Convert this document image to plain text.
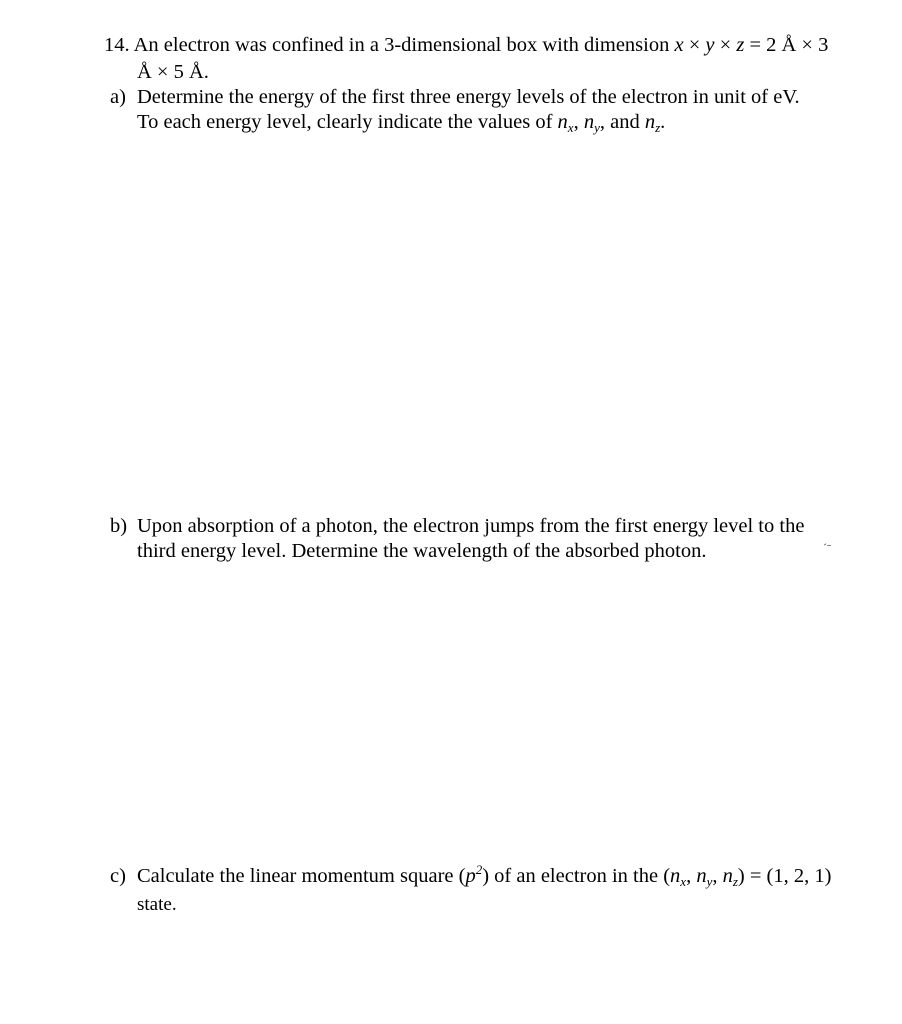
14. An electron was confined in a 3-dimensional box with dimension x × y × z = 2 Å × 3
Å × 5 Å.
a) Determine the energy of the first three energy levels of the electron in unit of eV.
To each energy level, clearly indicate the values of $n_x$, $n_y$, and $n_z$.
b) Upon absorption of a photon, the electron jumps from the first energy level to the
third energy level. Determine the wavelength of the absorbed photon.	ˊˉ
c) Calculate the linear momentum square $(p^2)$ of an electron in the ($n_x$, $n_y$, $n_z) = (1$, 2, 1)
state.
